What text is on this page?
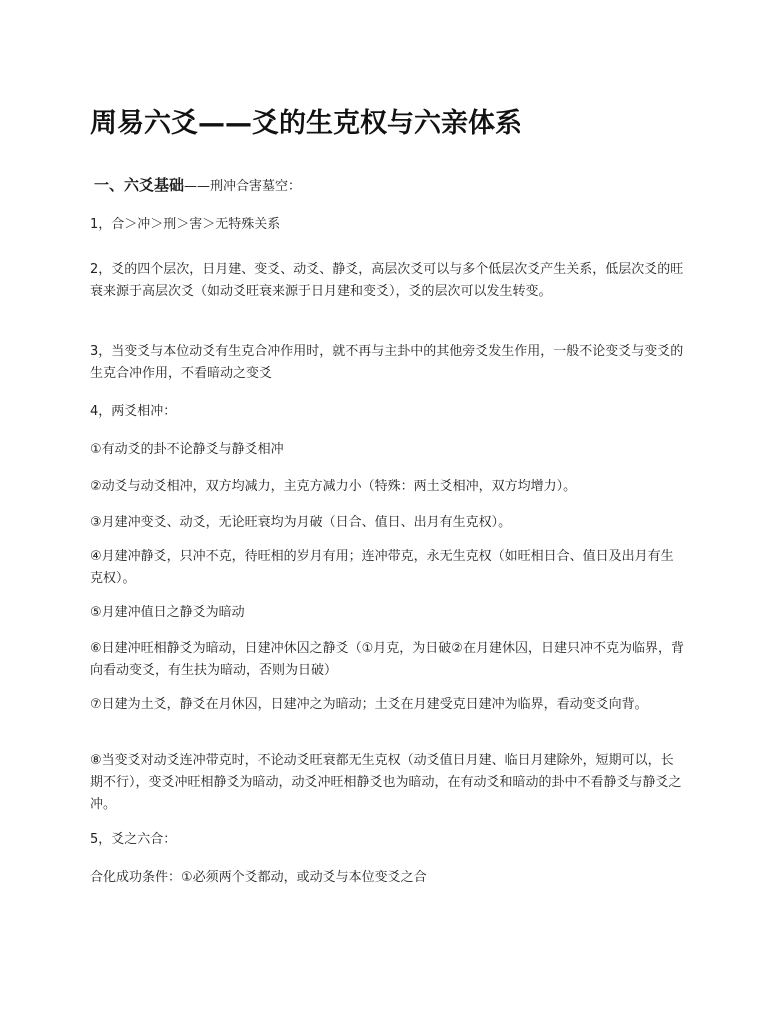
周易六爻——爻的生克权与六亲体系
一、六爻基础——刑冲合害墓空：
1，合＞冲＞刑＞害＞无特殊关系
2，爻的四个层次，日月建、变爻、动爻、静爻，高层次爻可以与多个低层次爻产生关系，低层次爻的旺衰来源于高层次爻（如动爻旺衰来源于日月建和变爻），爻的层次可以发生转变。
3，当变爻与本位动爻有生克合冲作用时，就不再与主卦中的其他旁爻发生作用，一般不论变爻与变爻的生克合冲作用，不看暗动之变爻
4，两爻相冲：
①有动爻的卦不论静爻与静爻相冲
②动爻与动爻相冲，双方均减力，主克方减力小（特殊：两土爻相冲，双方均增力）。
③月建冲变爻、动爻，无论旺衰均为月破（日合、值日、出月有生克权）。
④月建冲静爻，只冲不克，待旺相的岁月有用；连冲带克，永无生克权（如旺相日合、值日及出月有生克权）。
⑤月建冲值日之静爻为暗动
⑥日建冲旺相静爻为暗动，日建冲休囚之静爻（①月克，为日破②在月建休囚，日建只冲不克为临界，背向看动变爻，有生扶为暗动，否则为日破）
⑦日建为土爻，静爻在月休囚，日建冲之为暗动；土爻在月建受克日建冲为临界，看动变爻向背。
⑧当变爻对动爻连冲带克时，不论动爻旺衰都无生克权（动爻值日月建、临日月建除外，短期可以，长期不行），变爻冲旺相静爻为暗动，动爻冲旺相静爻也为暗动，在有动爻和暗动的卦中不看静爻与静爻之冲。
5，爻之六合：
合化成功条件：①必须两个爻都动，或动爻与本位变爻之合
